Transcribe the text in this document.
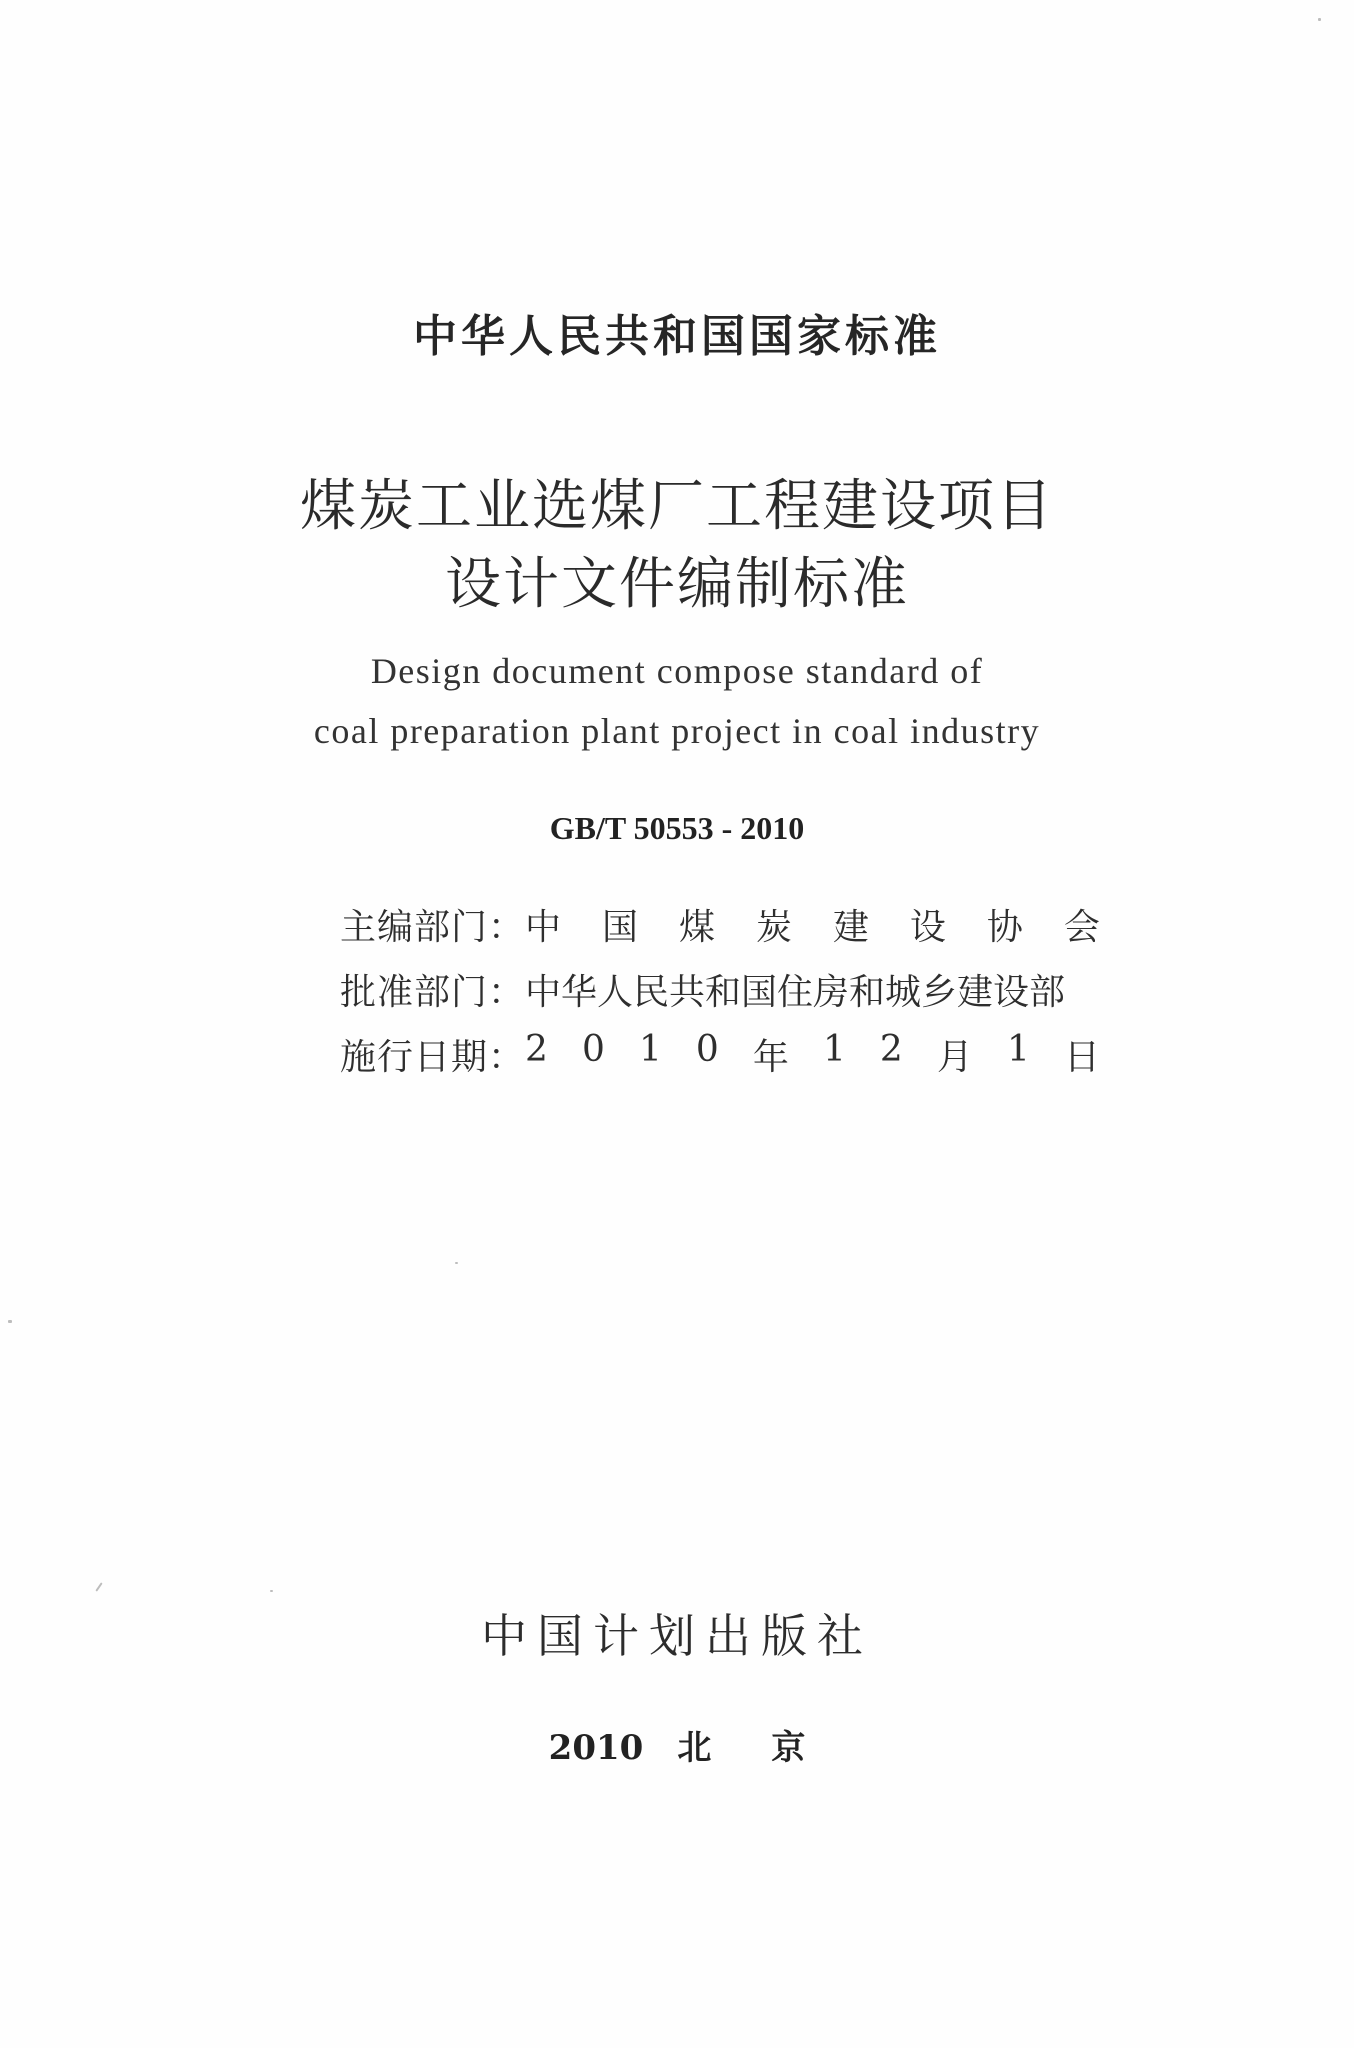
中华人民共和国国家标准
煤炭工业选煤厂工程建设项目
设计文件编制标准
Design document compose standard of
coal preparation plant project in coal industry
GB/T 50553 - 2010
主编部门： 中 国 煤 炭 建 设 协 会
批准部门： 中华人民共和国住房和城乡建设部
施行日期： 2 0 1 0 年 1 2 月 1 日
中国计划出版社
2010 北 京
